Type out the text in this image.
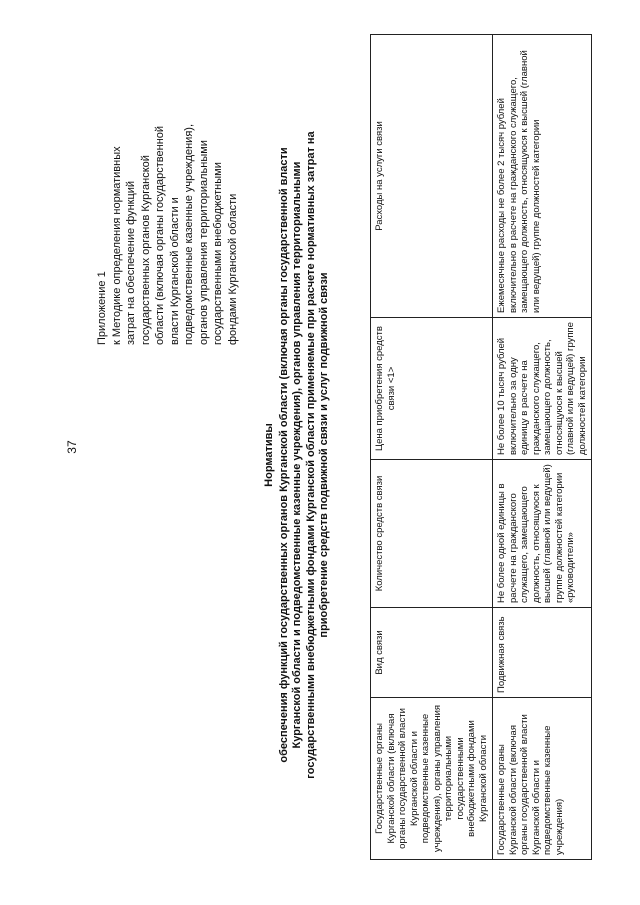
37
Приложение 1 к Методике определения нормативных затрат на обеспечение функций государственных органов Курганской области (включая органы государственной власти Курганской области и подведомственные казенные учреждения), органов управления территориальными государственными внебюджетными фондами Курганской области
Нормативы обеспечения функций государственных органов Курганской области (включая органы государственной власти Курганской области и подведомственные казенные учреждения), органов управления территориальными государственными внебюджетными фондами Курганской области применяемые при расчете нормативных затрат на приобретение средств подвижной связи и услуг подвижной связи
Государственные органы Курганской области (включая органы государственной власти Курганской области и подведомственные казенные учреждения), органы управления территориальными государственными внебюджетными фондами Курганской области	Вид связи	Количество средств связи	Цена приобретения средств связи <1>	Расходы на услуги связи
Государственные органы Курганской области (включая органы государственной власти Курганской области и подведомственные казенные учреждения)	Подвижная связь	Не более одной единицы в расчете на гражданского служащего, замещающего должность, относящуюся к высшей (главной или ведущей) группе должностей категории «руководители»	Не более 10 тысяч рублей включительно за одну единицу в расчете на гражданского служащего, замещающего должность, относящуюся к высшей (главной или ведущей) группе должностей категории	Ежемесячные расходы не более 2 тысяч рублей включительно в расчете на гражданского служащего, замещающего должность, относящуюся к высшей (главной или ведущей) группе должностей категории
